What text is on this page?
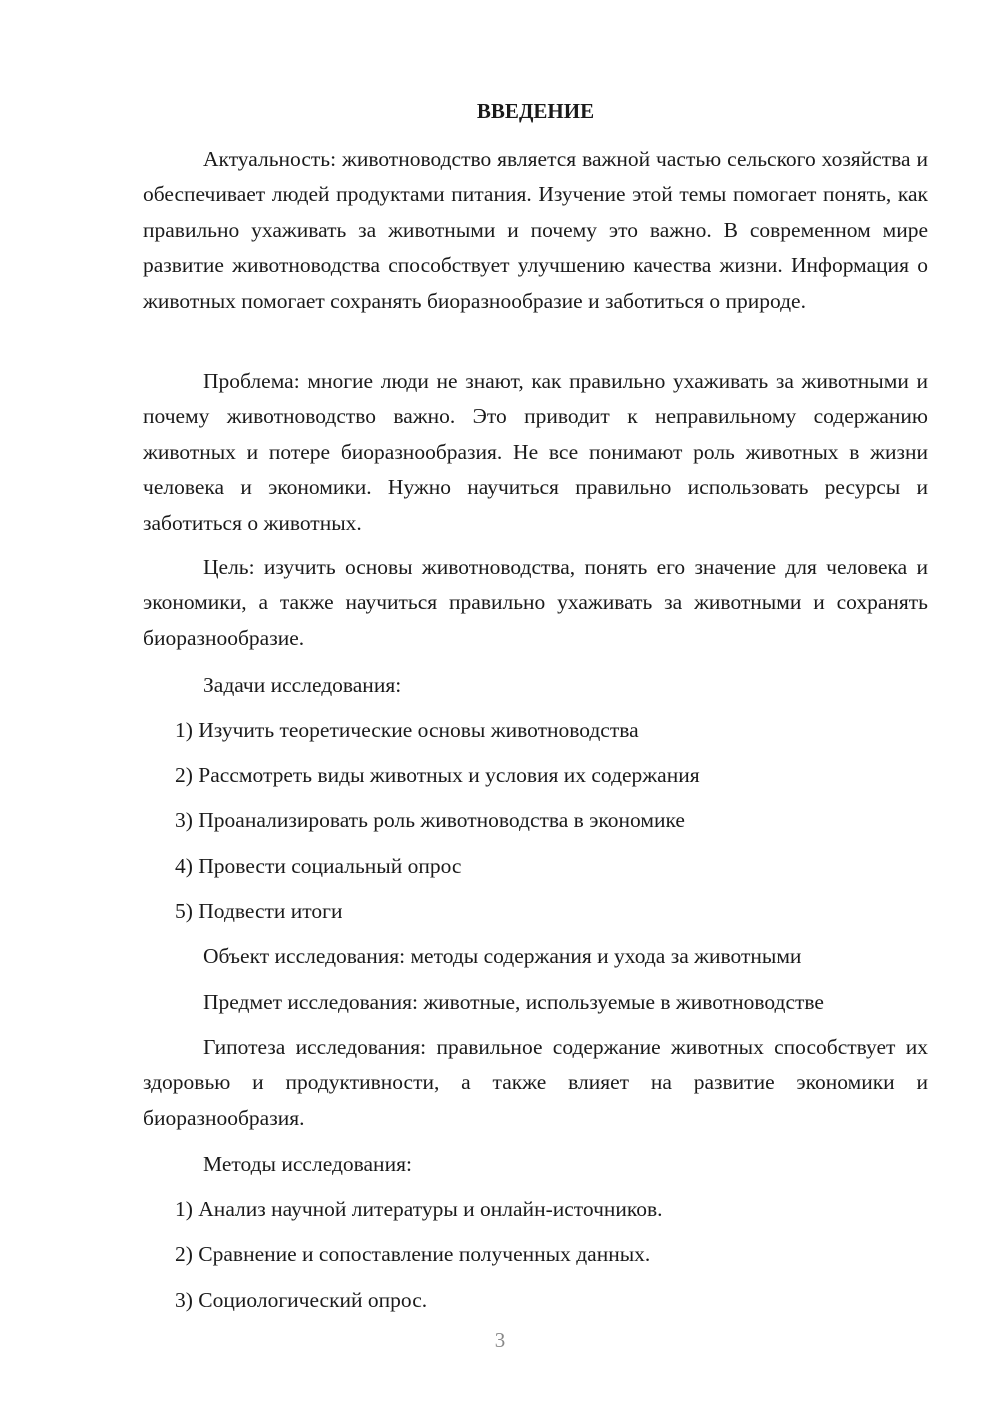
ВВЕДЕНИЕ

Актуальность: животноводство является важной частью сельского хозяйства и обеспечивает людей продуктами питания. Изучение этой темы помогает понять, как правильно ухаживать за животными и почему это важно. В современном мире развитие животноводства способствует улучшению качества жизни. Информация о животных помогает сохранять биоразнообразие и заботиться о природе.

Проблема: многие люди не знают, как правильно ухаживать за животными и почему животноводство важно. Это приводит к неправильному содержанию животных и потере биоразнообразия. Не все понимают роль животных в жизни человека и экономики. Нужно научиться правильно использовать ресурсы и заботиться о животных.

Цель: изучить основы животноводства, понять его значение для человека и экономики, а также научиться правильно ухаживать за животными и сохранять биоразнообразие.

Задачи исследования:
1) Изучить теоретические основы животноводства
2) Рассмотреть виды животных и условия их содержания
3) Проанализировать роль животноводства в экономике
4) Провести социальный опрос
5) Подвести итоги
Объект исследования: методы содержания и ухода за животными
Предмет исследования: животные, используемые в животноводстве

Гипотеза исследования: правильное содержание животных способствует их здоровью и продуктивности, а также влияет на развитие экономики и биоразнообразия.

Методы исследования:
1) Анализ научной литературы и онлайн-источников.
2) Сравнение и сопоставление полученных данных.
3) Социологический опрос.
3
